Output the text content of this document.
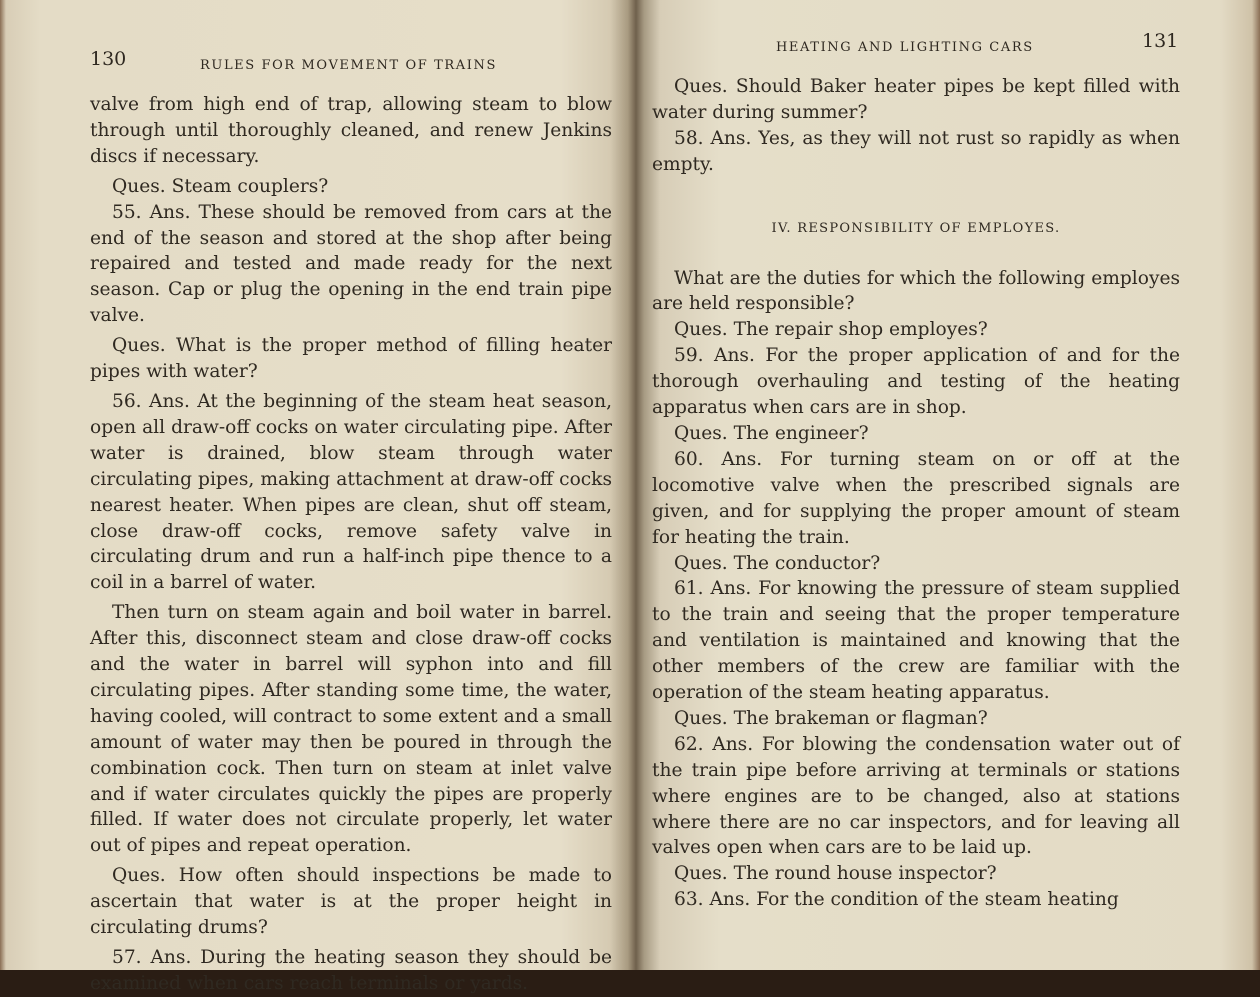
130	RULES FOR MOVEMENT OF TRAINS

valve from high end of trap, allowing steam to blow through until thoroughly cleaned, and renew Jenkins discs if necessary.

Ques. Steam couplers?

55. Ans. These should be removed from cars at the end of the season and stored at the shop after being repaired and tested and made ready for the next season. Cap or plug the opening in the end train pipe valve.

Ques. What is the proper method of filling heater pipes with water?

56. Ans. At the beginning of the steam heat season, open all draw-off cocks on water circulating pipe. After water is drained, blow steam through water circulating pipes, making attachment at draw-off cocks nearest heater. When pipes are clean, shut off steam, close draw-off cocks, remove safety valve in circulating drum and run a half-inch pipe thence to a coil in a barrel of water.

Then turn on steam again and boil water in barrel. After this, disconnect steam and close draw-off cocks and the water in barrel will syphon into and fill circulating pipes. After standing some time, the water, having cooled, will contract to some extent and a small amount of water may then be poured in through the combination cock. Then turn on steam at inlet valve and if water circulates quickly the pipes are properly filled. If water does not circulate properly, let water out of pipes and repeat operation.

Ques. How often should inspections be made to ascertain that water is at the proper height in circulating drums?

57. Ans. During the heating season they should be examined when cars reach terminals or yards.

HEATING AND LIGHTING CARS	131

Ques. Should Baker heater pipes be kept filled with water during summer?

58. Ans. Yes, as they will not rust so rapidly as when empty.

IV. RESPONSIBILITY OF EMPLOYES.

What are the duties for which the following employes are held responsible?

Ques. The repair shop employes?

59. Ans. For the proper application of and for the thorough overhauling and testing of the heating apparatus when cars are in shop.

Ques. The engineer?

60. Ans. For turning steam on or off at the locomotive valve when the prescribed signals are given, and for supplying the proper amount of steam for heating the train.

Ques. The conductor?

61. Ans. For knowing the pressure of steam supplied to the train and seeing that the proper temperature and ventilation is maintained and knowing that the other members of the crew are familiar with the operation of the steam heating apparatus.

Ques. The brakeman or flagman?

62. Ans. For blowing the condensation water out of the train pipe before arriving at terminals or stations where engines are to be changed, also at stations where there are no car inspectors, and for leaving all valves open when cars are to be laid up.

Ques. The round house inspector?

63. Ans. For the condition of the steam heating
